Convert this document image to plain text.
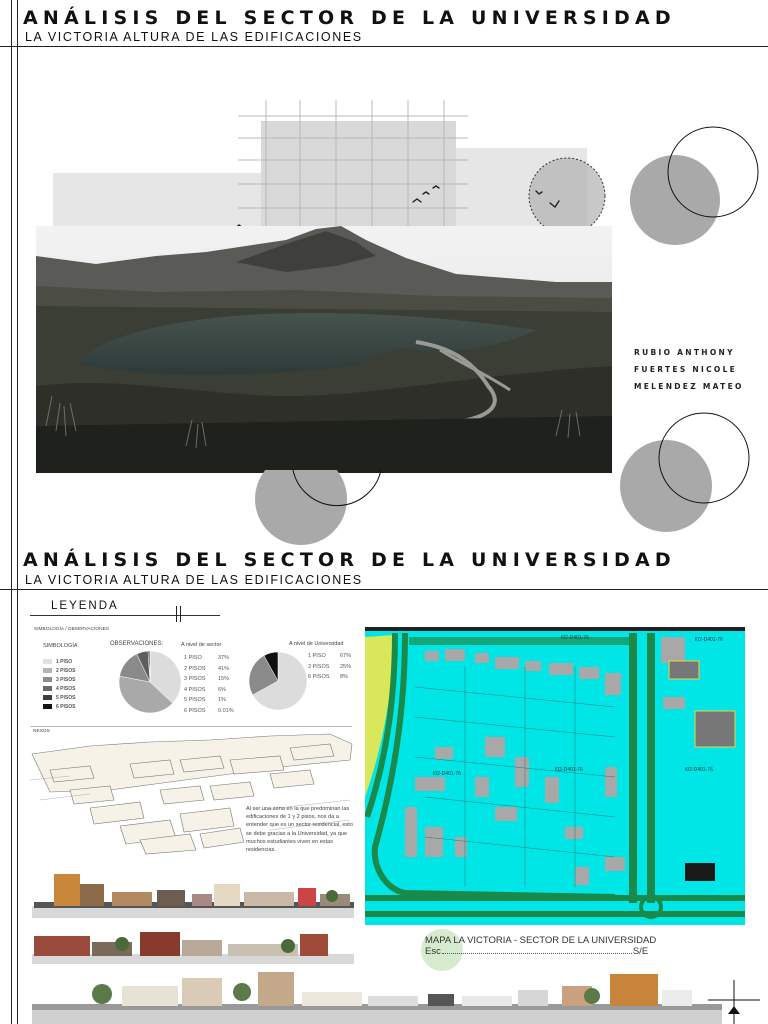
ANÁLISIS DEL SECTOR DE LA UNIVERSIDAD
LA VICTORIA ALTURA DE LAS EDIFICACIONES
RUBIO ANTHONY
FUERTES NICOLE
MELENDEZ MATEO
ANÁLISIS DEL SECTOR DE LA UNIVERSIDAD
LA VICTORIA ALTURA DE LAS EDIFICACIONES
LEYENDA
SIMBOLOGÍA / OBSERVACIONES
SIMBOLOGÍA	OBSERVACIONES:	A nivel de sector	A nivel de Universidad
1 PISO
2 PISOS
3 PISOS
4 PISOS
5 PISOS
6 PISOS
1 PISO	37%
2 PISOS 41%
3 PISOS 15%
4 PISOS 6%
5 PISOS 1%
6 PISOS 0.01%
1 PISO	67%
3 PISOS 25%
6 PISOS 8%
NEXOS
Al ser una zona en la que predominan las edificaciones de 1 y 2 pisos, nos da a entender que es un sector residencial, esto se debe gracias a la Universidad, ya que muchos estudiantes viven en estas residencias.
I02-D401-76	I02-D401-76
I02-D401-76
I02-D401-76	I02-D401-76
MAPA LA VICTORIA - SECTOR DE LA UNIVERSIDAD
Esc	S/E
